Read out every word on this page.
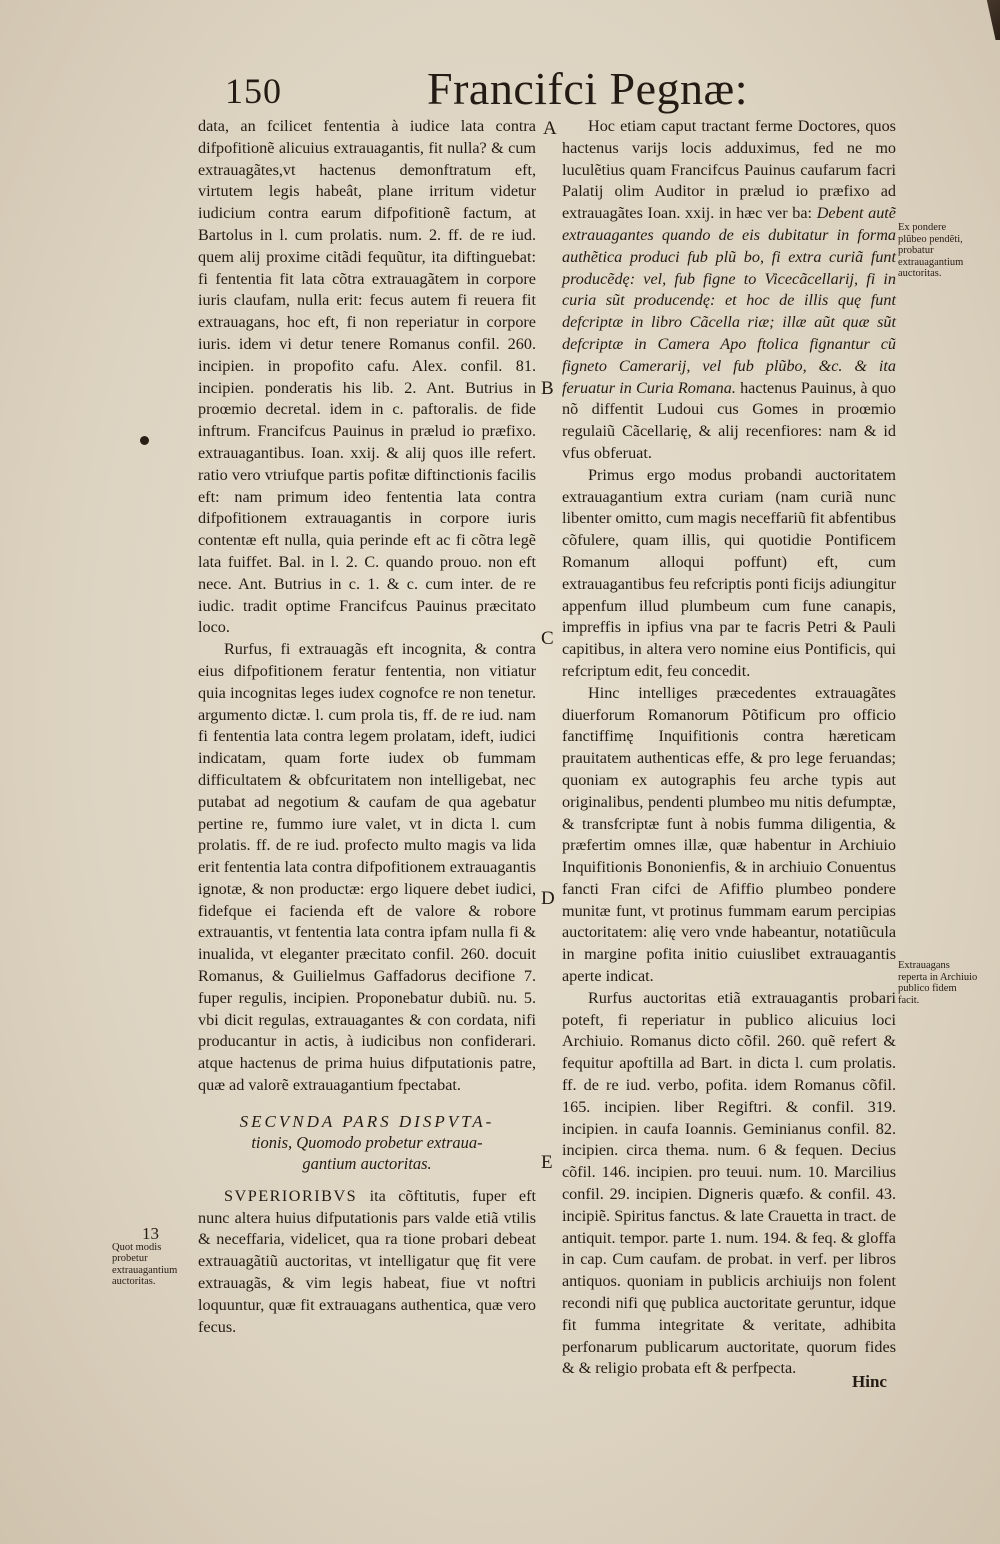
150	Francifci Pegnæ:

data, an fcilicet fententia à iudice lata contra difpofitionẽ alicuius extrauagantis, fit nulla? & cum extrauagãtes,vt hactenus demonftratum eft, virtutem legis habeât, plane irritum videtur iudicium contra earum difpofitionẽ factum, at Bartolus in l. cum prolatis. num. 2. ff. de re iud. quem alij proxime citãdi fequũtur, ita diftinguebat: fi fententia fit lata cõtra extrauagãtem in corpore iuris claufam, nulla erit: fecus autem fi reuera fit extrauagans, hoc eft, fi non reperiatur in corpore iuris. idem vi detur tenere Romanus confil. 260. incipien. in propofito cafu. Alex. confil. 81. incipien. ponderatis his lib. 2. Ant. Butrius in proœmio decretal. idem in c. paftoralis. de fide inftrum. Francifcus Pauinus in prælud io præfixo. extrauagantibus. Ioan. xxij. & alij quos ille refert. ratio vero vtriufque partis pofitæ diftinctionis facilis eft: nam primum ideo fententia lata contra difpofitionem extrauagantis in corpore iuris contentæ eft nulla, quia perinde eft ac fi cõtra legẽ lata fuiffet. Bal. in l. 2. C. quando prouo. non eft nece. Ant. Butrius in c. 1. & c. cum inter. de re iudic. tradit optime Francifcus Pauinus præcitato loco.

Rurfus, fi extrauagãs eft incognita, & contra eius difpofitionem feratur fententia, non vitiatur quia incognitas leges iudex cognofce re non tenetur. argumento dictæ. l. cum prola tis, ff. de re iud. nam fi fententia lata contra legem prolatam, ideft, iudici indicatam, quam forte iudex ob fummam difficultatem & obfcuritatem non intelligebat, nec putabat ad negotium & caufam de qua agebatur pertine re, fummo iure valet, vt in dicta l. cum prolatis. ff. de re iud. profecto multo magis va lida erit fententia lata contra difpofitionem extrauagantis ignotæ, & non productæ: ergo liquere debet iudici, fidefque ei facienda eft de valore & robore extrauantis, vt fententia lata contra ipfam nulla fi & inualida, vt eleganter præcitato confil. 260. docuit Romanus, & Guilielmus Gaffadorus decifione 7. fuper regulis, incipien. Proponebatur dubiũ. nu. 5. vbi dicit regulas, extrauagantes & con cordata, nifi producantur in actis, à iudicibus non confiderari. atque hactenus de prima huius difputationis patre, quæ ad valorẽ extrauagantium fpectabat.

SECVNDA PARS DISPVTA-
tionis, Quomodo probetur extraua-
gantium auctoritas.

SVPERIORIBVS ita cõftitutis, fuper eft nunc altera huius difputationis pars valde etiã vtilis & neceffaria, videlicet, qua ra tione probari debeat extrauagãtiũ auctoritas, vt intelligatur quę fit vere extrauagãs, & vim legis habeat, fiue vt noftri loquuntur, quæ fit extrauagans authentica, quæ vero fecus.

Hoc etiam caput tractant ferme Doctores, quos hactenus varijs locis adduximus, fed ne mo luculẽtius quam Francifcus Pauinus caufarum facri Palatij olim Auditor in prælud io præfixo ad extrauagãtes Ioan. xxij. in hæc ver ba: Debent autẽ extrauagantes quando de eis dubitatur in forma authẽtica produci fub plũ bo, fi extra curiã funt producẽdę: vel, fub figne to Vicecãcellarij, fi in curia sũt producendę: et hoc de illis quę funt defcriptæ in libro Cãcella riæ; illæ aũt quæ sũt defcriptæ in Camera Apo ftolica fignantur cũ figneto Camerarij, vel fub plũbo, &c. & ita feruatur in Curia Romana. hactenus Pauinus, à quo nõ diffentit Ludoui cus Gomes in proœmio regulaiũ Cãcellarię, & alij recenfiores: nam & id vfus obferuat.

Primus ergo modus probandi auctoritatem extrauagantium extra curiam (nam curiã nunc libenter omitto, cum magis neceffariũ fit abfentibus cõfulere, quam illis, qui quotidie Pontificem Romanum alloqui poffunt) eft, cum extrauagantibus feu refcriptis ponti ficijs adiungitur appenfum illud plumbeum cum fune canapis, impreffis in ipfius vna par te facris Petri & Pauli capitibus, in altera vero nomine eius Pontificis, qui refcriptum edit, feu concedit.

Hinc intelliges præcedentes extrauagãtes diuerforum Romanorum Põtificum pro officio fanctiffimę Inquifitionis contra hæreticam prauitatem authenticas effe, & pro lege feruandas; quoniam ex autographis feu arche typis aut originalibus, pendenti plumbeo mu nitis defumptæ, & transfcriptæ funt à nobis fumma diligentia, & præfertim omnes illæ, quæ habentur in Archiuio Inquifitionis Bononienfis, & in archiuio Conuentus fancti Fran cifci de Afiffio plumbeo pondere munitæ funt, vt protinus fummam earum percipias auctoritatem: alię vero vnde habeantur, notatiũcula in margine pofita initio cuiuslibet extrauagantis aperte indicat.

Rurfus auctoritas etiã extrauagantis probari poteft, fi reperiatur in publico alicuius loci Archiuio. Romanus dictο cõfil. 260. quẽ refert & fequitur apoftilla ad Bart. in dicta l. cum prolatis. ff. de re iud. verbo, pofita. idem Romanus cõfil. 165. incipien. liber Regiftri. & confil. 319. incipien. in caufa Ioannis. Geminianus confil. 82. incipien. circa thema. num. 6 & fequen. Decius cõfil. 146. incipien. pro teuui. num. 10. Marcilius confil. 29. incipien. Digneris quæfo. & confil. 43. incipiẽ. Spiritus fanctus. & late Crauetta in tract. de antiquit. tempor. parte 1. num. 194. & feq. & gloffa in cap. Cum caufam. de probat. in verf. per libros antiquos. quoniam in publicis archiuijs non folent recondi nifi quę publica auctoritate geruntur, idque fit fumma integritate & veritate, adhibita perfonarum publicarum auctoritate, quorum fides & & religio probata eft & perfpecta.

A
B
C
D
E
Ex pondere plũbeo pendẽti, probatur extrauagantium auctoritas.
Extrauagans reperta in Archiuio publico fidem facit.
13
Quot modis probetur extrauagantium auctoritas.
Hinc
